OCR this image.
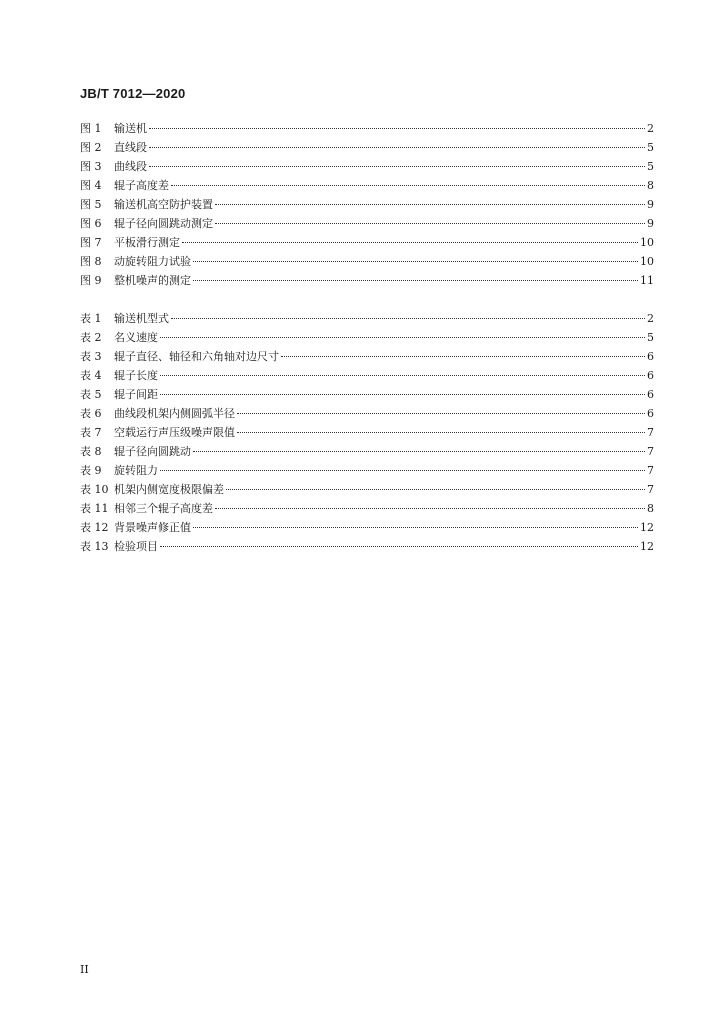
JB/T 7012—2020
图 1	输送机	2
图 2	直线段	5
图 3	曲线段	5
图 4	辊子高度差	8
图 5	输送机高空防护装置	9
图 6	辊子径向圆跳动测定	9
图 7	平板滑行测定	10
图 8	动旋转阻力试验	10
图 9	整机噪声的测定	11
表 1	输送机型式	2
表 2	名义速度	5
表 3	辊子直径、轴径和六角轴对边尺寸	6
表 4	辊子长度	6
表 5	辊子间距	6
表 6	曲线段机架内侧圆弧半径	6
表 7	空载运行声压级噪声限值	7
表 8	辊子径向圆跳动	7
表 9	旋转阻力	7
表 10 机架内侧宽度极限偏差	7
表 11 相邻三个辊子高度差	8
表 12 背景噪声修正值	12
表 13 检验项目	12
II
